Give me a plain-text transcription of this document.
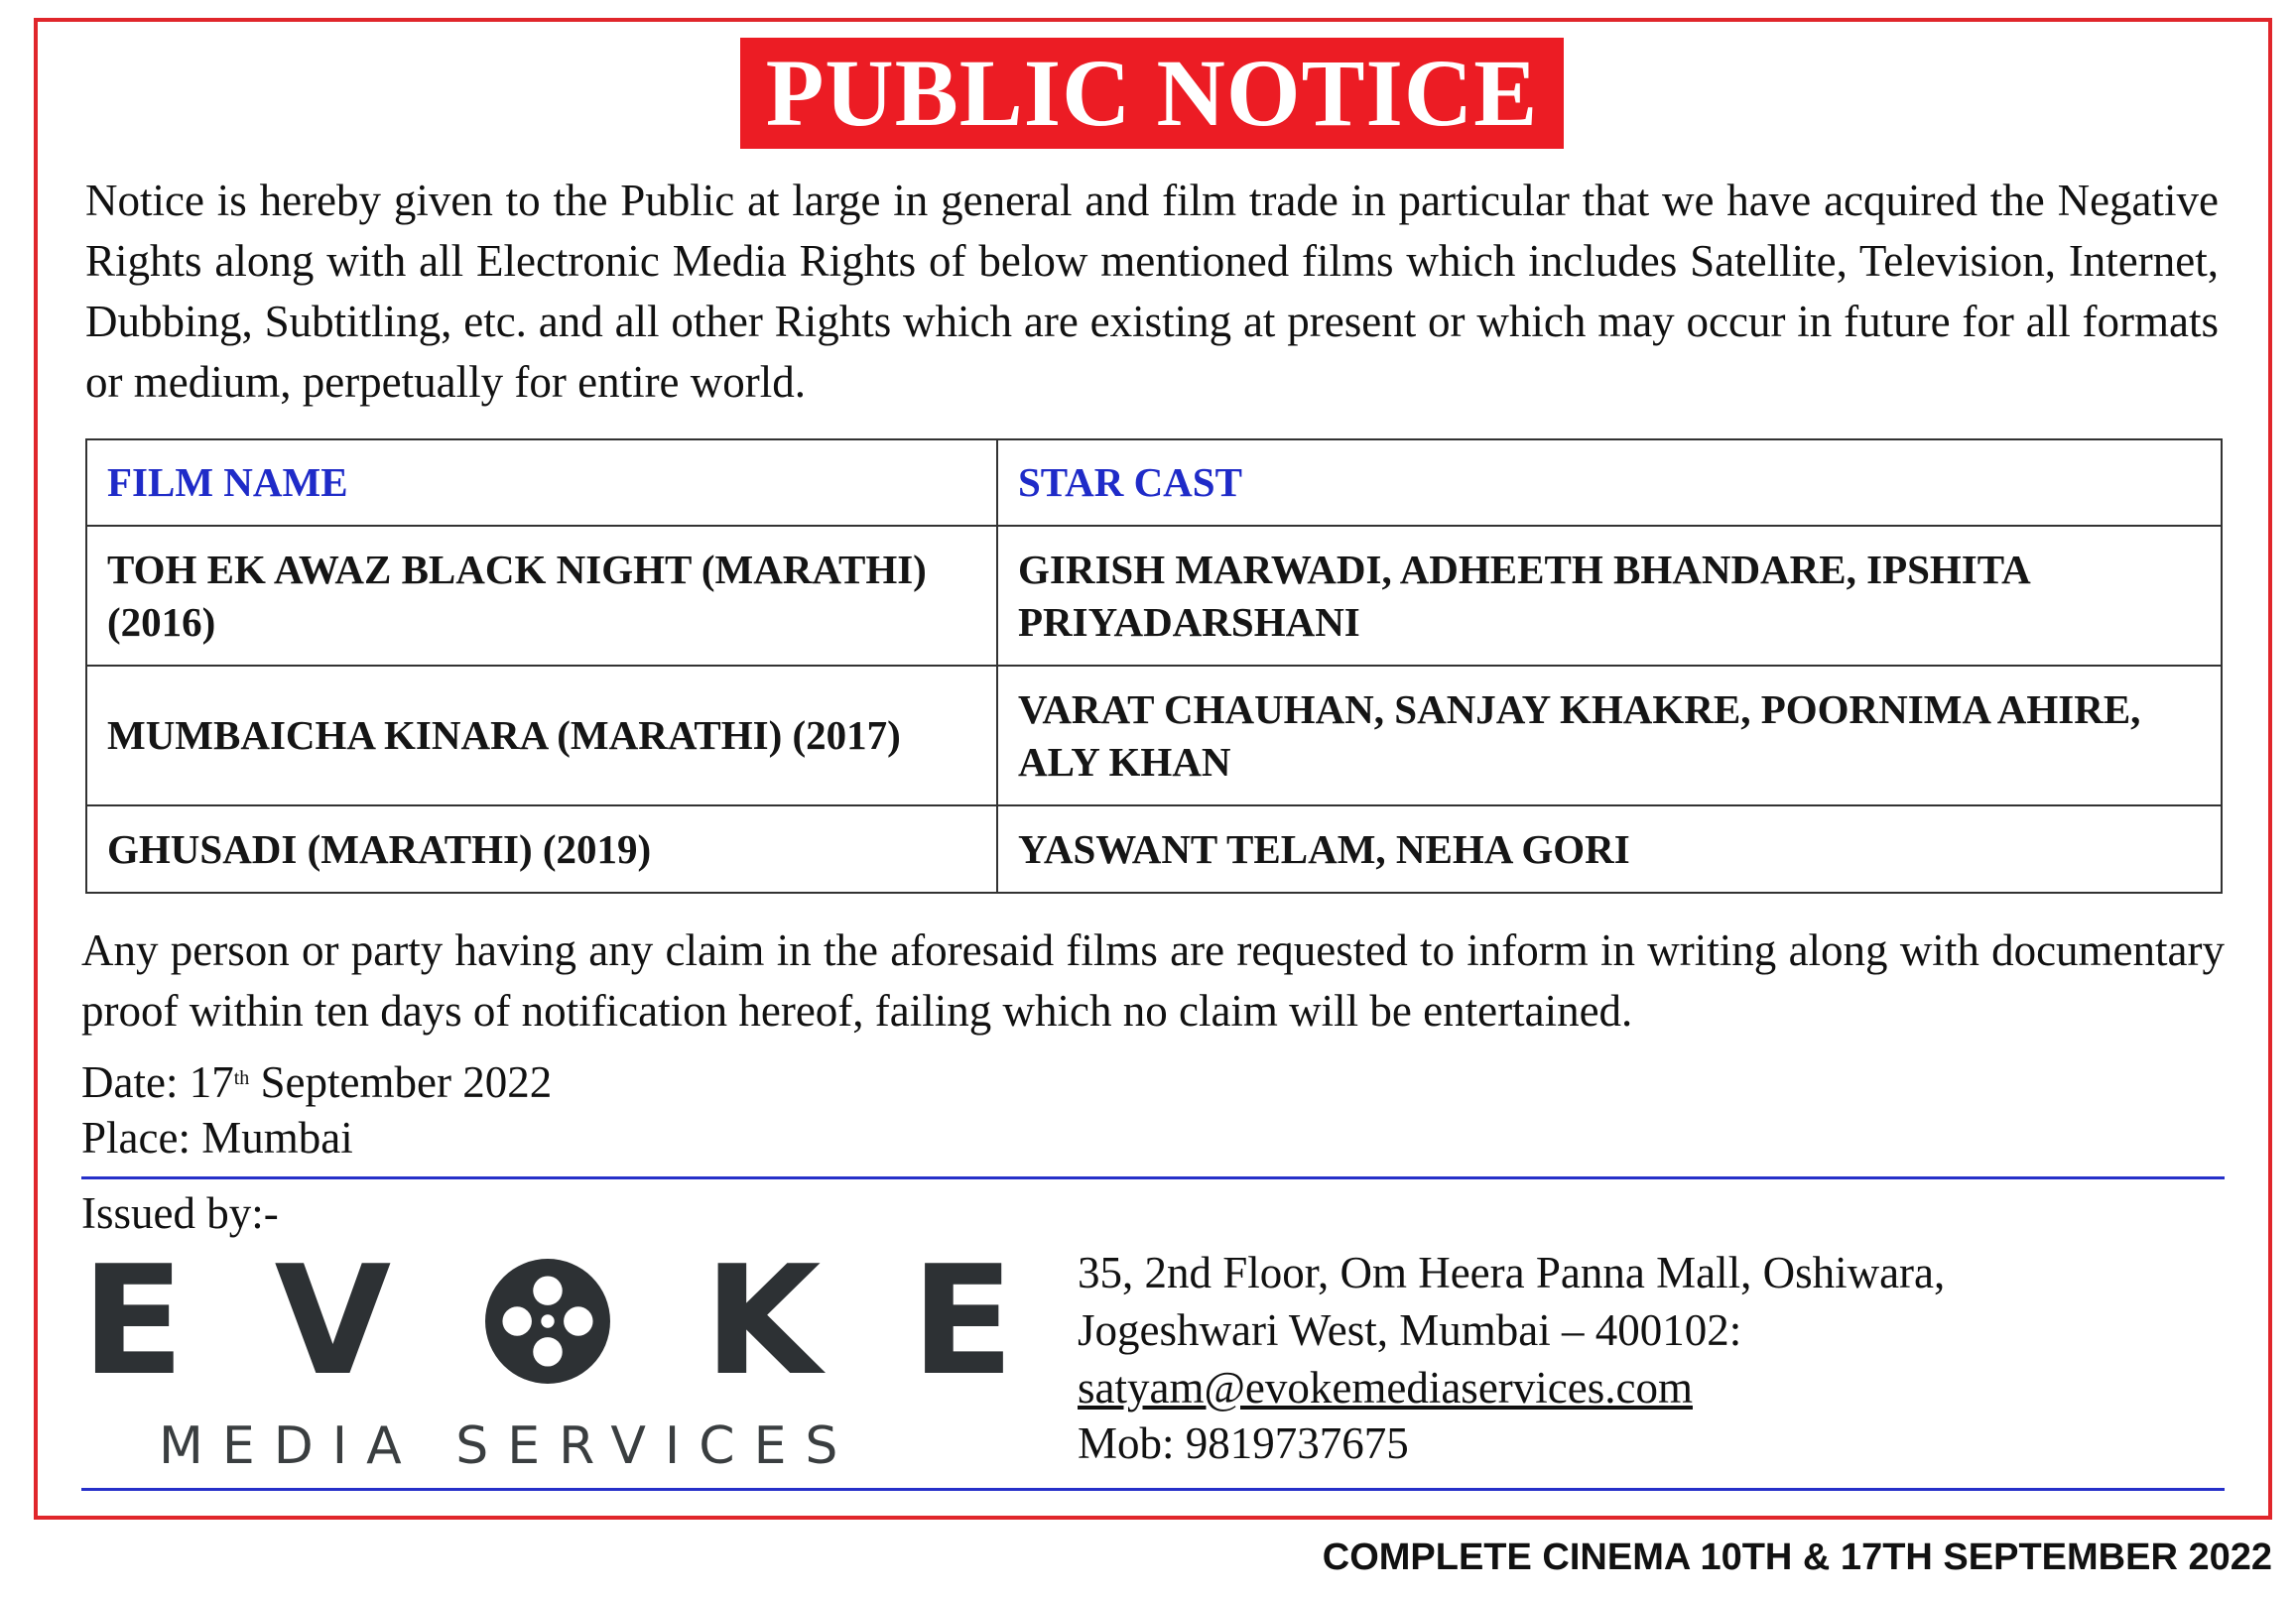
PUBLIC NOTICE
Notice is hereby given to the Public at large in general and film trade in particular that we have acquired the Negative Rights along with all Electronic Media Rights of below mentioned films which includes Satellite, Television, Internet, Dubbing, Subtitling, etc. and all other Rights which are existing at present or which may occur in future for all formats or medium, perpetually for entire world.
FILM NAME	STAR CAST
TOH EK AWAZ BLACK NIGHT (MARATHI) (2016)	GIRISH MARWADI, ADHEETH BHANDARE, IPSHITA PRIYADARSHANI
MUMBAICHA KINARA (MARATHI) (2017)	VARAT CHAUHAN, SANJAY KHAKRE, POORNIMA AHIRE, ALY KHAN
GHUSADI (MARATHI) (2019)	YASWANT TELAM, NEHA GORI
Any person or party having any claim in the aforesaid films are requested to inform in writing along with documentary proof within ten days of notification hereof, failing which no claim will be entertained.
Date: 17th September 2022
Place: Mumbai
Issued by:-
E V K E
MEDIA SERVICES
35, 2nd Floor, Om Heera Panna Mall, Oshiwara,
Jogeshwari West, Mumbai – 400102:
satyam@evokemediaservices.com
Mob: 9819737675
COMPLETE CINEMA 10TH & 17TH SEPTEMBER 2022
